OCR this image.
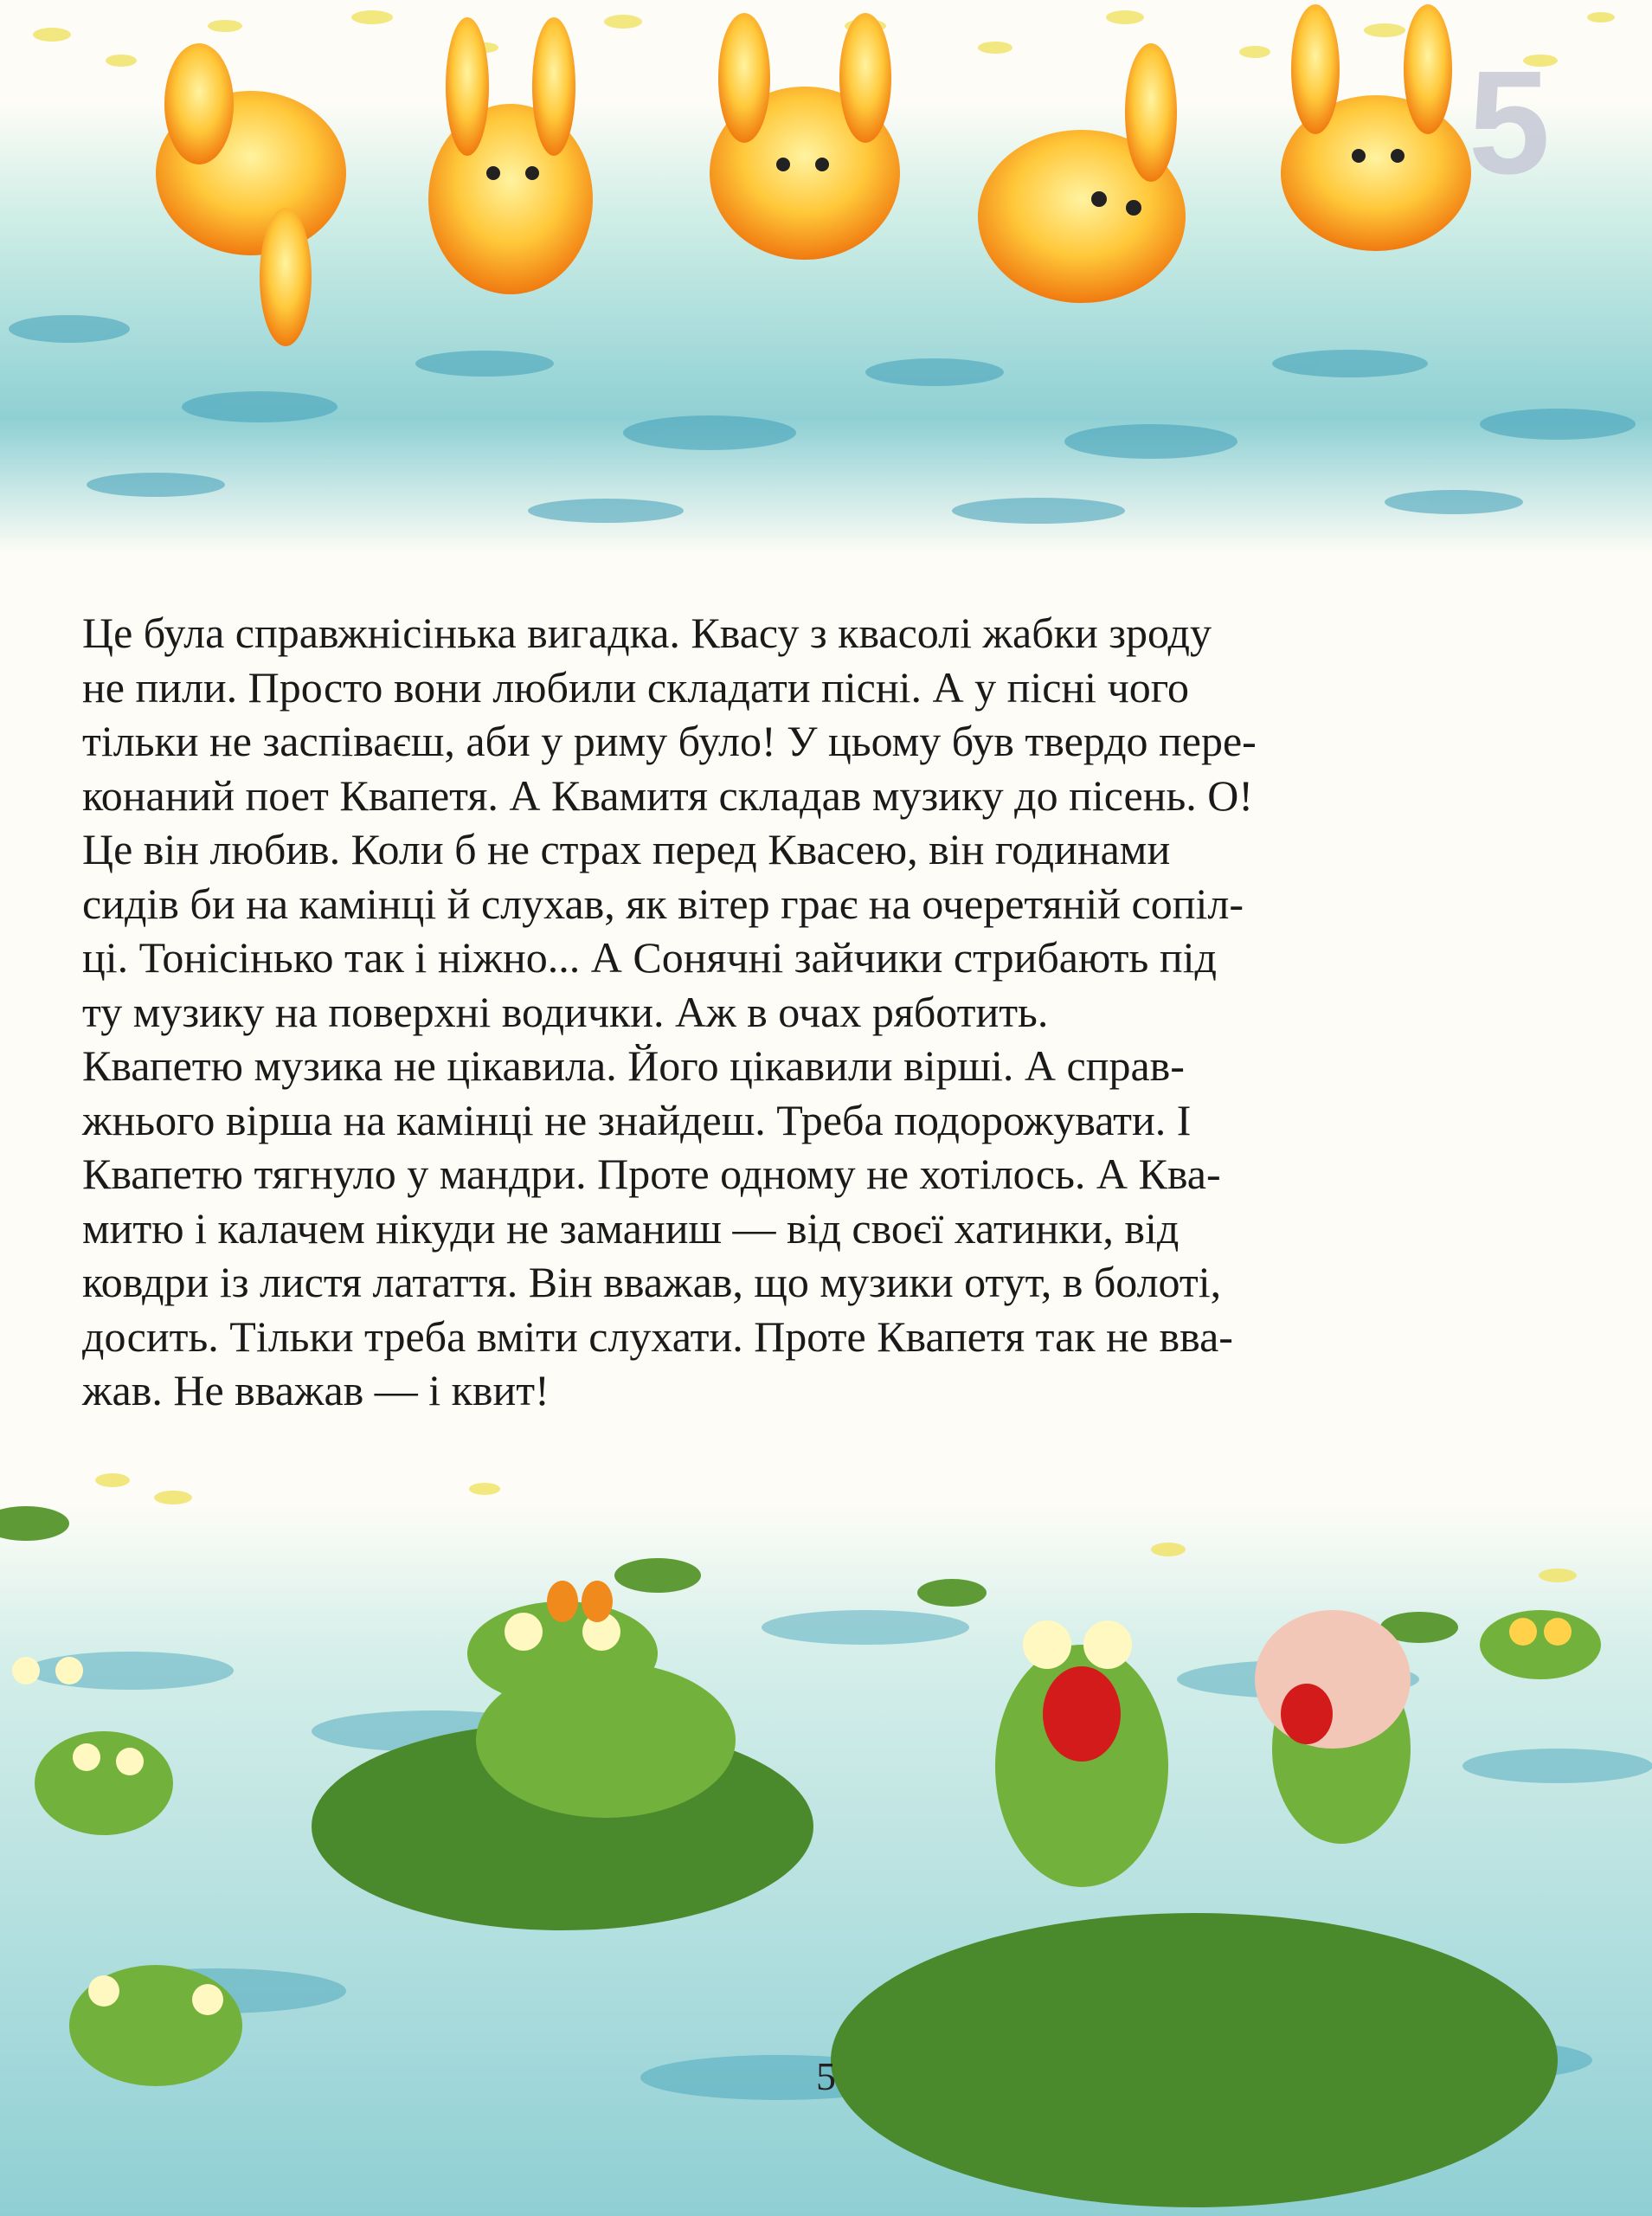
5

Це була справжнісінька вигадка. Квасу з квасолі жабки зроду
не пили. Просто вони любили складати пісні. А у пісні чого
тільки не заспіваєш, аби у риму було! У цьому був твердо пере-
конаний поет Квапетя. А Квамитя складав музику до пісень. О!
Це він любив. Коли б не страх перед Квасею, він годинами
сидів би на камінці й слухав, як вітер грає на очеретяній сопіл-
ці. Тонісінько так і ніжно... А Сонячні зайчики стрибають під
ту музику на поверхні водички. Аж в очах ряботить.

Квапетю музика не цікавила. Його цікавили вірші. А справ-
жнього вірша на камінці не знайдеш. Треба подорожувати. І
Квапетю тягнуло у мандри. Проте одному не хотілось. А Ква-
митю і калачем нікуди не заманиш — від своєї хатинки, від
ковдри із листя латаття. Він вважав, що музики отут, в болоті,
досить. Тільки треба вміти слухати. Проте Квапетя так не вва-
жав. Не вважав — і квит!

5
